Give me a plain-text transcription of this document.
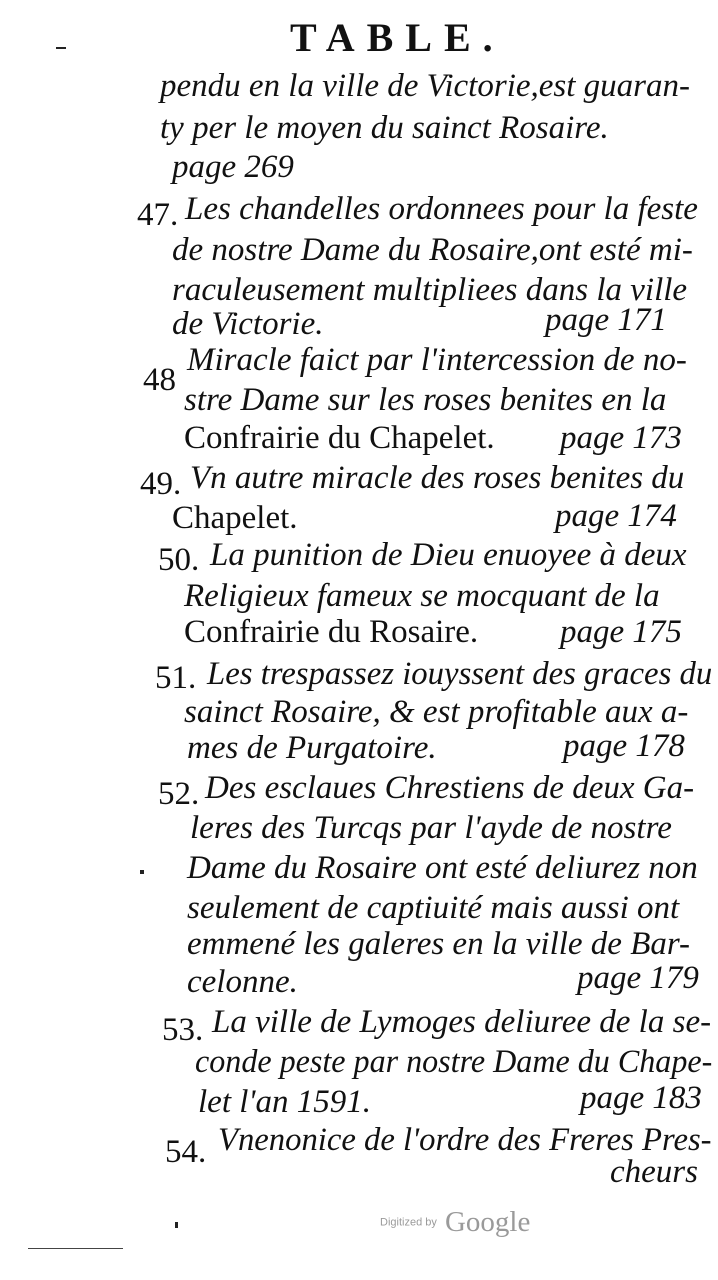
TABLE.
pendu en la ville de Victorie,est guaran-
ty per le moyen du sainct Rosaire.
page 269
47. Les chandelles ordonnees pour la feste
de nostre Dame du Rosaire,ont esté mi-
raculeusement multipliees dans la ville
de Victorie.	page 171
48
Miracle faict par l'intercession de no-
stre Dame sur les roses benites en la
Confrairie du Chapelet. page 173
49. Vn autre miracle des roses benites du
Chapelet.	page 174
50. La punition de Dieu enuoyee à deux
Religieux fameux se mocquant de la
Confrairie du Rosaire. page 175
51. Les trespassez iouyssent des graces du
sainct Rosaire, & est profitable aux a-
mes de Purgatoire.	page 178
52. Des esclaues Chrestiens de deux Ga-
leres des Turcqs par l'ayde de nostre
Dame du Rosaire ont esté deliurez non
seulement de captiuité mais aussi ont
emmené les galeres en la ville de Bar-
celonne.	page 179
53. La ville de Lymoges deliuree de la se-
conde peste par nostre Dame du Chape-
let l'an 1591.	page 183
54. Vnenonice de l'ordre des Freres Pres-
cheurs
Digitized by Google
